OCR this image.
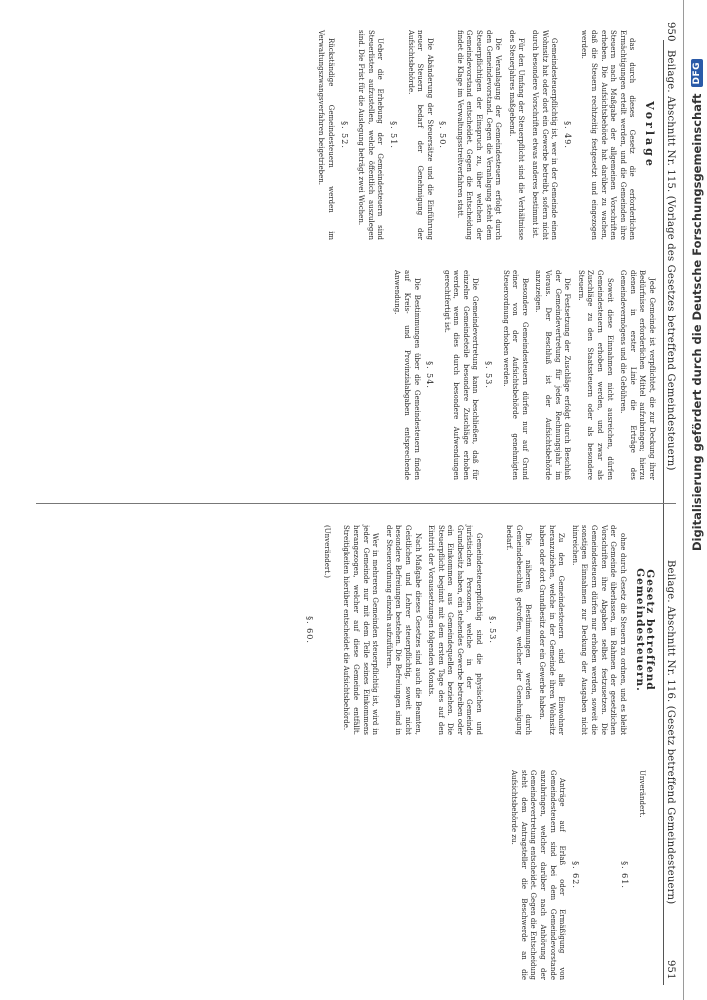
950
Beilage. Abschnitt Nr. 115. (Vorlage des Gesetzes betreffend Gemeindesteuern)
Beilage. Abschnitt Nr. 116. (Gesetz betreffend Gemeindesteuern)
951
Vorlage

das durch dieses Gesetz die erforderlichen Ermächtigungen erteilt werden, und die Gemeinden ihre Steuern nach Maßgabe der allgemeinen Vorschriften erheben. Die Aufsichtsbehörde hat darüber zu wachen, daß die Steuern rechtzeitig festgesetzt und eingezogen werden.

§. 49.

Gemeindesteuerpflichtig ist, wer in der Gemeinde einen Wohnsitz hat oder dort ein Gewerbe betreibt, sofern nicht durch besondere Vorschriften etwas anderes bestimmt ist.

Für den Umfang der Steuerpflicht sind die Verhältnisse des Steuerjahres maßgebend.

Die Veranlagung der Gemeindesteuern erfolgt durch den Gemeindevorstand. Gegen die Veranlagung steht dem Steuerpflichtigen der Einspruch zu, über welchen der Gemeindevorstand entscheidet. Gegen die Entscheidung findet die Klage im Verwaltungsstreitverfahren statt.

§. 50.

Die Abänderung der Steuersätze und die Einführung neuer Steuern bedarf der Genehmigung der Aufsichtsbehörde.

§. 51.

Ueber die Erhebung der Gemeindesteuern sind Steuerlisten aufzustellen, welche öffentlich auszulegen sind. Die Frist für die Auslegung beträgt zwei Wochen.

§. 52.

Rückständige Gemeindesteuern werden im Verwaltungszwangsverfahren beigetrieben.

Jede Gemeinde ist verpflichtet, die zur Deckung ihrer Bedürfnisse erforderlichen Mittel aufzubringen; hierzu dienen in erster Linie die Erträge des Gemeindevermögens und die Gebühren.

Soweit diese Einnahmen nicht ausreichen, dürfen Gemeindesteuern erhoben werden, und zwar als Zuschläge zu den Staatssteuern oder als besondere Steuern.

Die Festsetzung der Zuschläge erfolgt durch Beschluß der Gemeindevertretung für jedes Rechnungsjahr im Voraus. Der Beschluß ist der Aufsichtsbehörde anzuzeigen.

Besondere Gemeindesteuern dürfen nur auf Grund einer von der Aufsichtsbehörde genehmigten Steuerordnung erhoben werden.

§. 53.

Die Gemeindevertretung kann beschließen, daß für einzelne Gemeindeteile besondere Zuschläge erhoben werden, wenn dies durch besondere Aufwendungen gerechtfertigt ist.

§. 54.

Die Bestimmungen über die Gemeindesteuern finden auf Kreis- und Provinzialabgaben entsprechende Anwendung.

Gesetz betreffend Gemeindesteuern.

ohne durch Gesetz die Steuern zu ordnen, und es bleibt der Gemeinde überlassen, im Rahmen der gesetzlichen Vorschriften ihre Abgaben selbst festzusetzen. Die Gemeindesteuern dürfen nur erhoben werden, soweit die sonstigen Einnahmen zur Deckung der Ausgaben nicht hinreichen.

Zu den Gemeindesteuern sind alle Einwohner heranzuziehen, welche in der Gemeinde ihren Wohnsitz haben oder dort Grundbesitz oder ein Gewerbe haben.

Die näheren Bestimmungen werden durch Gemeindebeschluß getroffen, welcher der Genehmigung bedarf.

§. 53.

Gemeindesteuerpflichtig sind die physischen und juristischen Personen, welche in der Gemeinde Grundbesitz haben, ein stehendes Gewerbe betreiben oder ein Einkommen aus Gemeindequellen beziehen. Die Steuerpflicht beginnt mit dem ersten Tage des auf den Eintritt der Voraussetzungen folgenden Monats.

Nach Maßgabe dieses Gesetzes sind auch die Beamten, Geistlichen und Lehrer steuerpflichtig, soweit nicht besondere Befreiungen bestehen. Die Befreiungen sind in der Steuerordnung einzeln aufzuführen.

Wer in mehreren Gemeinden steuerpflichtig ist, wird in jeder Gemeinde nur mit dem Teile seines Einkommens herangezogen, welcher auf diese Gemeinde entfällt. Streitigkeiten hierüber entscheidet die Aufsichtsbehörde.

(Unverändert.)

§. 60.

Unverändert.

§. 61.
§. 62.

Anträge auf Erlaß oder Ermäßigung von Gemeindesteuern sind bei dem Gemeindevorstande anzubringen, welcher darüber nach Anhörung der Gemeindevertretung entscheidet. Gegen die Entscheidung steht dem Antragsteller die Beschwerde an die Aufsichtsbehörde zu.

Digitalisierung gefördert durch die Deutsche Forschungsgemeinschaft
DFG
